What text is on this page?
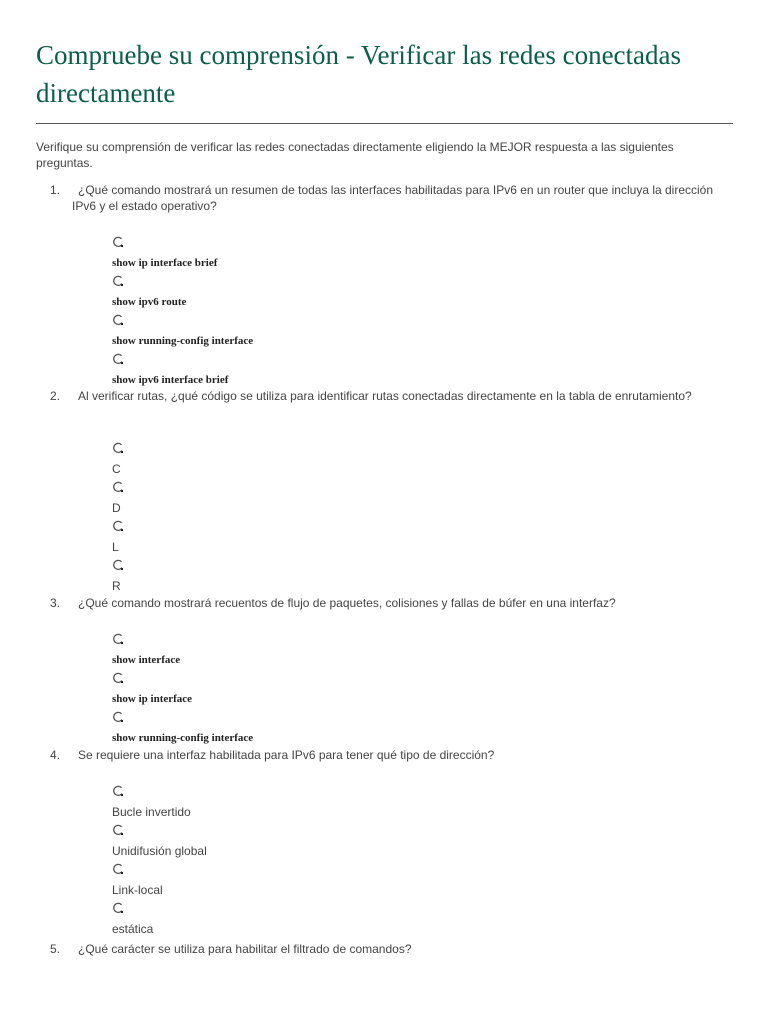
Compruebe su comprensión - Verificar las redes conectadas directamente

Verifique su comprensión de verificar las redes conectadas directamente eligiendo la MEJOR respuesta a las siguientes preguntas.

1.	¿Qué comando mostrará un resumen de todas las interfaces habilitadas para IPv6 en un router que incluya la dirección IPv6 y el estado operativo?
show ip interface brief
show ipv6 route
show running-config interface
show ipv6 interface brief
2.	Al verificar rutas, ¿qué código se utiliza para identificar rutas conectadas directamente en la tabla de enrutamiento?
C
D
L
R
3.	¿Qué comando mostrará recuentos de flujo de paquetes, colisiones y fallas de búfer en una interfaz?
show interface
show ip interface
show running-config interface
4.	Se requiere una interfaz habilitada para IPv6 para tener qué tipo de dirección?
Bucle invertido
Unidifusión global
Link-local
estática
5.	¿Qué carácter se utiliza para habilitar el filtrado de comandos?
